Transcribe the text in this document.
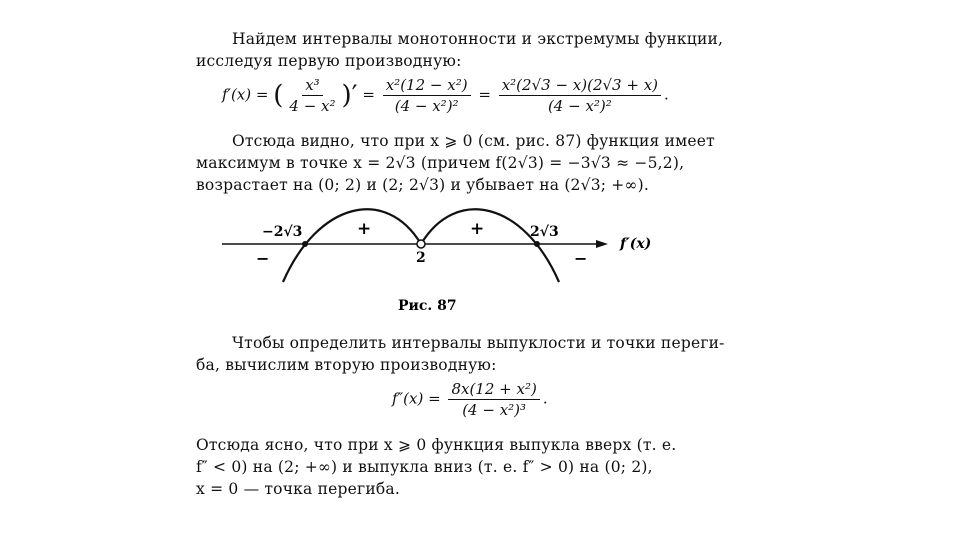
Найдем интервалы монотонности и экстремумы функции,
исследуя первую производную:
f′(x) = ( $\frac{\text{x³}}{\text{4 − x²}}$ )′ = $\frac{\text{x²(12 − x²)}}{\text{(4 − x²)²}} = \frac{\text{x²(2√3 − x)(2√3 + x)}}{\text{(4 − x²)²}}$ .
Отсюда видно, что при x ⩾ 0 (см. рис. 87) функция имеет
максимум в точке x = 2√3 (причем f(2√3) = −3√3 ≈ −5,2),
возрастает на (0; 2) и (2; 2√3) и убывает на (2√3; +∞).
−2√3	2√3
2
f′(x)
−
+	+
−
Рис. 87
Чтобы определить интервалы выпуклости и точки переги-
ба, вычислим вторую производную:
$f''(x) = \frac{\text{8x(12 + x²)}}{\text{(4 − x²)³}}$ .
Отсюда ясно, что при x ⩾ 0 функция выпукла вверх (т. е.
f″ < 0) на (2; +∞) и выпукла вниз (т. е. f″ > 0) на (0; 2),
x = 0 — точка перегиба.
